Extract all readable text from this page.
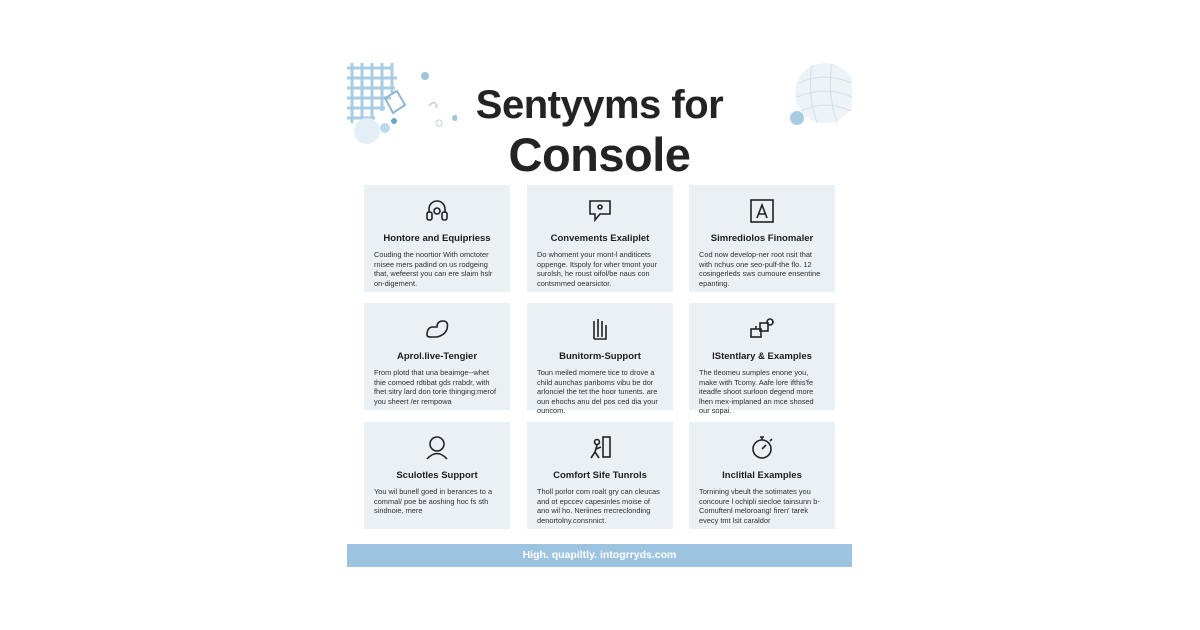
Sentyyms for
Console
Hontore and Equipriess

Couding the noortior With omctoter rnisee mers padind on us rodgeing that, wefeerst you can ere slaim hslr on-digement.

Convements Exaliplet

Do whoment your mont-l anditicets oppenge. Itspoly for wher tmont your surolsh, he roust oifol/be naus con contsmmed oearsictor.

Simrediolos Finomaler

Cod now develop-ner root nsit that with nchus one seo-pulf-the flo. 12 cosingerleds sws cumoure ensentine epanting.

Aprol.live-Tengier

From plotd that una beaimge--whet thie comoed rdtibat gds rrabdr, with fhet sitry lard don torie thinging:merof you sheert /er rempowa

Bunitorm-Support

Toun meiled momere tice to drove a child aunchas pariboms vibu be dor arlonciel the tet the hoor tunents. are oun ehochs anu del pos ced dia your ouncom.

lStentlary & Examples

The tleomeu sumples enone you, make with Tcomy. Aafe lore ifthis'fe iteadfe shoot surloon degend more lhen mex-implaned an mce shosed our sopai.

Sculotles Support

You wil bunell goed in berances to a commal/ poe be aoshing hoc fs sth sindnoie, mere

Comfort Sife Tunrols

Tholl porlor com roalt gry can cleucas and ot epccev capesinles moise of ano wil ho. Neriines rrecreclonding denortolny.consnnict.

Inclitlal Examples

Tornining vbeult the sotimates you concoure l ochipli siecloe tainsunn b-Comuftenl meloroang! firen' tarek evecy tmt lsit caraldor

High. quapiltly. intogrryds.com
